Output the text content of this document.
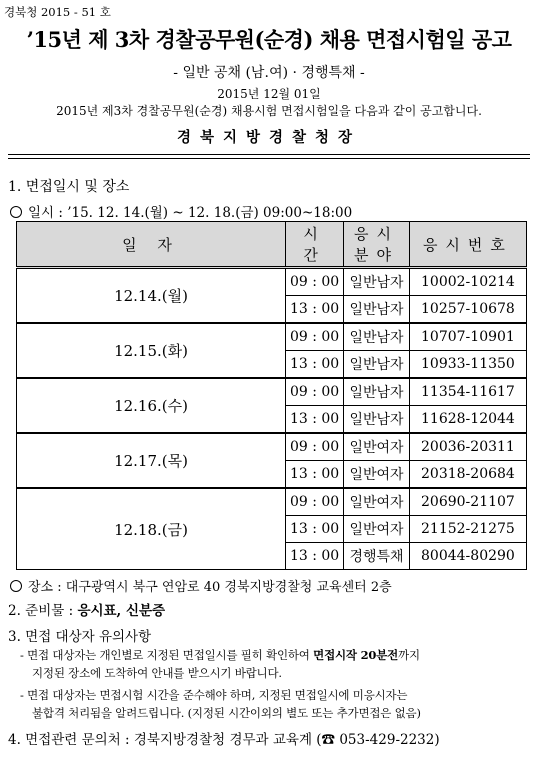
경북청 2015 - 51 호
’15년 제 3차 경찰공무원(순경) 채용 면접시험일 공고
- 일반 공채 (남․여) · 경행특채 -
2015년 12월 01일
2015년 제3차 경찰공무원(순경) 채용시험 면접시험일을 다음과 같이 공고합니다.
경북지방경찰청장
1. 면접일시 및 장소
일시 : ’15. 12. 14.(월) ~ 12. 18.(금) 09:00~18:00
일 자	시 간	응시분야	응시번호
12.14.(월)	09 : 00	일반남자	10002-10214
	13 : 00	일반남자	10257-10678
12.15.(화)	09 : 00	일반남자	10707-10901
	13 : 00	일반남자	10933-11350
12.16.(수)	09 : 00	일반남자	11354-11617
	13 : 00	일반남자	11628-12044
12.17.(목)	09 : 00	일반여자	20036-20311
	13 : 00	일반여자	20318-20684
12.18.(금)	09 : 00	일반여자	20690-21107
	13 : 00	일반여자	21152-21275
	13 : 00	경행특채	80044-80290
장소 : 대구광역시 북구 연암로 40 경북지방경찰청 교육센터 2층
2. 준비물 : 응시표, 신분증
3. 면접 대상자 유의사항
- 면접 대상자는 개인별로 지정된 면접일시를 필히 확인하여 면접시작 20분전까지
지정된 장소에 도착하여 안내를 받으시기 바랍니다.
- 면접 대상자는 면접시험 시간을 준수해야 하며, 지정된 면접일시에 미응시자는
불합격 처리됨을 알려드립니다. (지정된 시간이외의 별도 또는 추가면접은 없음)
4. 면접관련 문의처 : 경북지방경찰청 경무과 교육계 (☎ 053-429-2232)
